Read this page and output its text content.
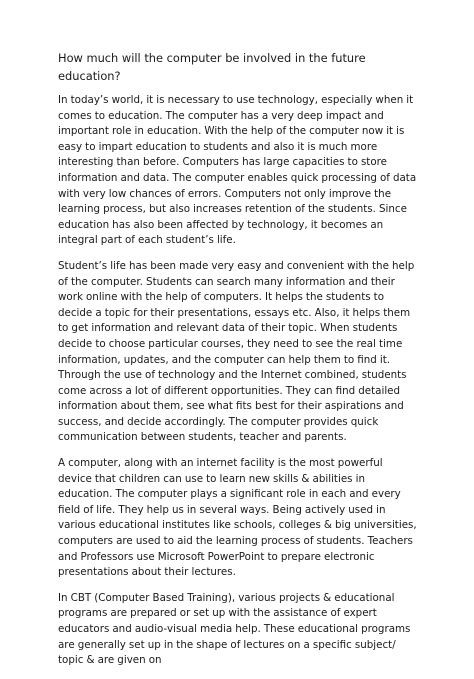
How much will the computer be involved in the future education?

In today’s world, it is necessary to use technology, especially when it comes to education. The computer has a very deep impact and important role in education. With the help of the computer now it is easy to impart education to students and also it is much more interesting than before. Computers has large capacities to store information and data. The computer enables quick processing of data with very low chances of errors. Computers not only improve the learning process, but also increases retention of the students. Since education has also been affected by technology, it becomes an integral part of each student’s life.

Student’s life has been made very easy and convenient with the help of the computer. Students can search many information and their work online with the help of computers. It helps the students to decide a topic for their presentations, essays etc. Also, it helps them to get information and relevant data of their topic. When students decide to choose particular courses, they need to see the real time information, updates, and the computer can help them to find it. Through the use of technology and the Internet combined, students come across a lot of different opportunities. They can find detailed information about them, see what fits best for their aspirations and success, and decide accordingly. The computer provides quick communication between students, teacher and parents.

A computer, along with an internet facility is the most powerful device that children can use to learn new skills & abilities in education. The computer plays a significant role in each and every field of life. They help us in several ways. Being actively used in various educational institutes like schools, colleges & big universities, computers are used to aid the learning process of students. Teachers and Professors use Microsoft PowerPoint to prepare electronic presentations about their lectures.

In CBT (Computer Based Training), various projects & educational programs are prepared or set up with the assistance of expert educators and audio-visual media help. These educational programs are generally set up in the shape of lectures on a specific subject/ topic & are given on
